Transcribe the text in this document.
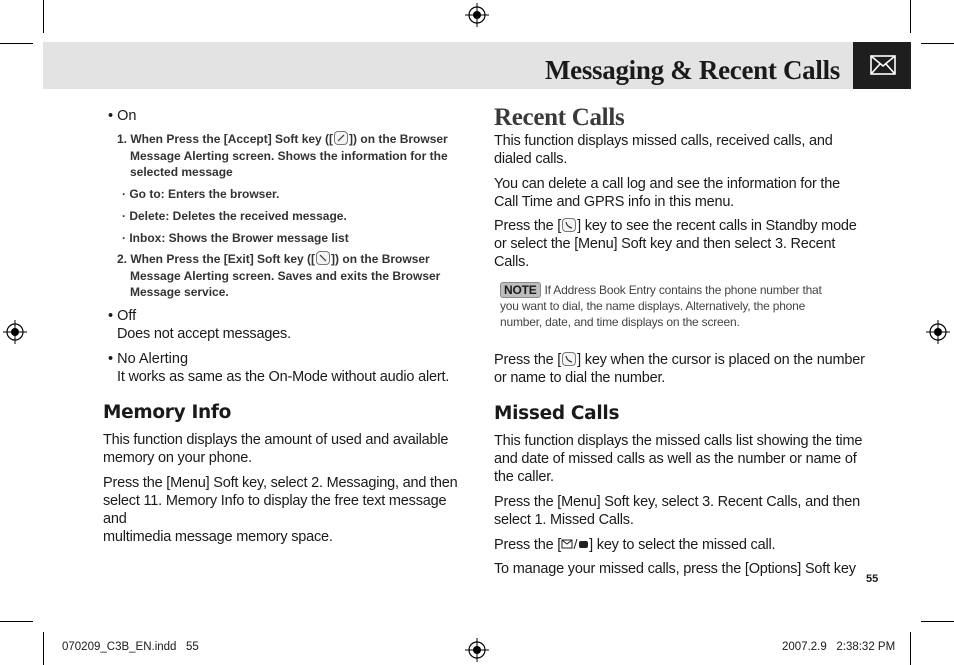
Messaging & Recent Calls
• On
1. When Press the [Accept] Soft key ([ ]) on the Browser
Message Alerting screen. Shows the information for the
selected message
· Go to: Enters the browser.
· Delete: Deletes the received message.
· Inbox: Shows the Brower message list
2. When Press the [Exit] Soft key ([ ]) on the Browser
Message Alerting screen. Saves and exits the Browser
Message service.
• Off
Does not accept messages.
• No Alerting
It works as same as the On-Mode without audio alert.
Memory Info
This function displays the amount of used and available
memory on your phone.
Press the [Menu] Soft key, select 2. Messaging, and then
select 11. Memory Info to display the free text message and
multimedia message memory space.
Recent Calls
This function displays missed calls, received calls, and
dialed calls.
You can delete a call log and see the information for the
Call Time and GPRS info in this menu.
Press the [ ] key to see the recent calls in Standby mode
or select the [Menu] Soft key and then select 3. Recent
Calls.
NOTE If Address Book Entry contains the phone number that
you want to dial, the name displays. Alternatively, the phone
number, date, and time displays on the screen.
Press the [ ] key when the cursor is placed on the number
or name to dial the number.
Missed Calls
This function displays the missed calls list showing the time
and date of missed calls as well as the number or name of
the caller.
Press the [Menu] Soft key, select 3. Recent Calls, and then
select 1. Missed Calls.
Press the [ ] key to select the missed call.
To manage your missed calls, press the [Options] Soft key
55
070209_C3B_EN.indd   55	2007.2.9   2:38:32 PM
